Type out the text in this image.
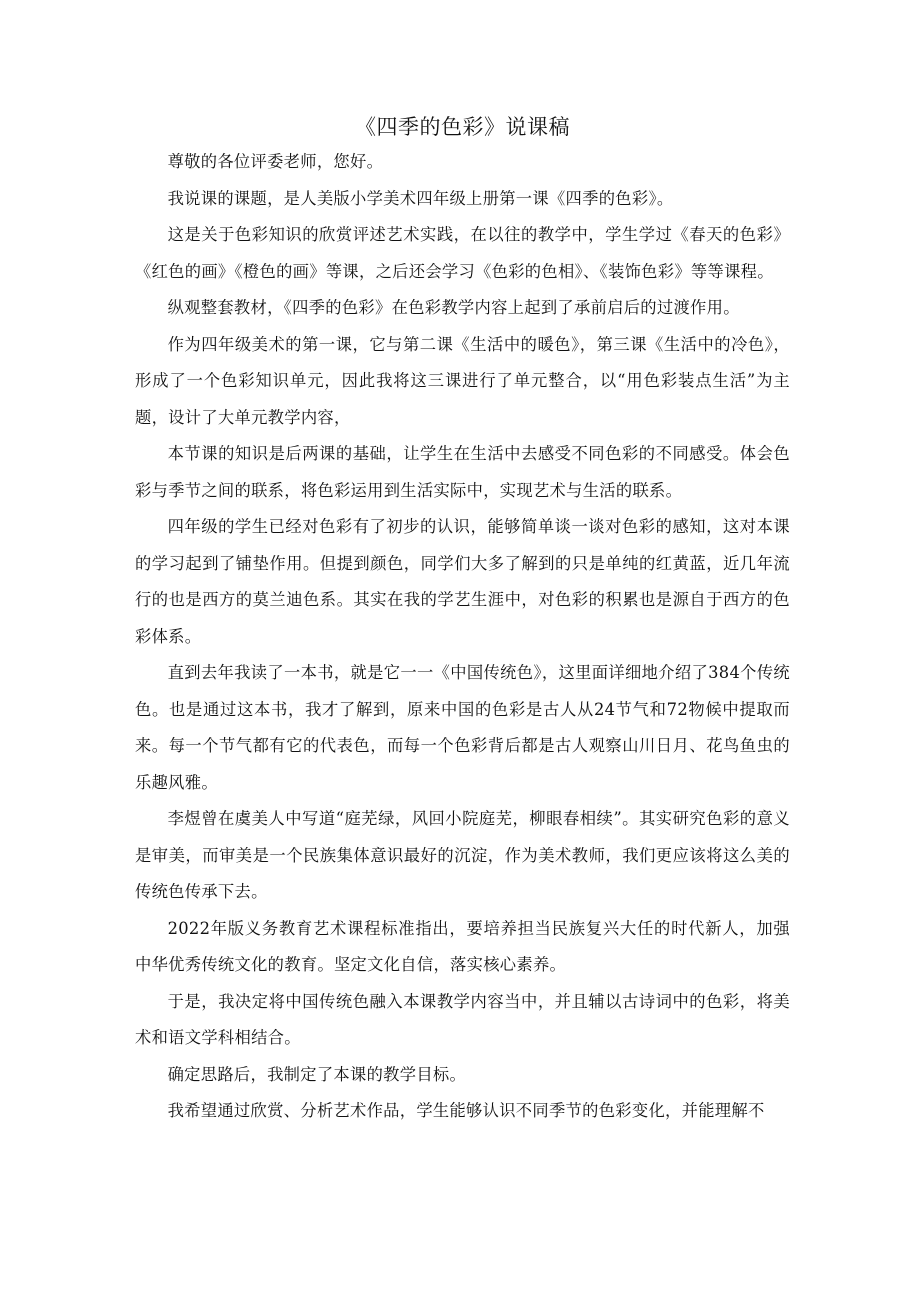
《四季的色彩》说课稿

尊敬的各位评委老师，您好。

我说课的课题，是人美版小学美术四年级上册第一课《四季的色彩》。

这是关于色彩知识的欣赏评述艺术实践，在以往的教学中，学生学过《春天的色彩》《红色的画》《橙色的画》等课，之后还会学习《色彩的色相》、《装饰色彩》等等课程。

纵观整套教材，《四季的色彩》在色彩教学内容上起到了承前启后的过渡作用。

作为四年级美术的第一课，它与第二课《生活中的暖色》，第三课《生活中的冷色》，形成了一个色彩知识单元，因此我将这三课进行了单元整合，以“用色彩装点生活”为主题，设计了大单元教学内容，

本节课的知识是后两课的基础，让学生在生活中去感受不同色彩的不同感受。体会色彩与季节之间的联系，将色彩运用到生活实际中，实现艺术与生活的联系。

四年级的学生已经对色彩有了初步的认识，能够简单谈一谈对色彩的感知，这对本课的学习起到了铺垫作用。但提到颜色，同学们大多了解到的只是单纯的红黄蓝，近几年流行的也是西方的莫兰迪色系。其实在我的学艺生涯中，对色彩的积累也是源自于西方的色彩体系。

直到去年我读了一本书，就是它一一《中国传统色》，这里面详细地介绍了384个传统色。也是通过这本书，我才了解到，原来中国的色彩是古人从24节气和72物候中提取而来。每一个节气都有它的代表色，而每一个色彩背后都是古人观察山川日月、花鸟鱼虫的乐趣风雅。

李煜曾在虞美人中写道“庭芜绿，风回小院庭芜，柳眼春相续”。其实研究色彩的意义是审美，而审美是一个民族集体意识最好的沉淀，作为美术教师，我们更应该将这么美的传统色传承下去。

2022年版义务教育艺术课程标准指出，要培养担当民族复兴大任的时代新人，加强中华优秀传统文化的教育。坚定文化自信，落实核心素养。

于是，我决定将中国传统色融入本课教学内容当中，并且辅以古诗词中的色彩，将美术和语文学科相结合。

确定思路后，我制定了本课的教学目标。

我希望通过欣赏、分析艺术作品，学生能够认识不同季节的色彩变化，并能理解不
